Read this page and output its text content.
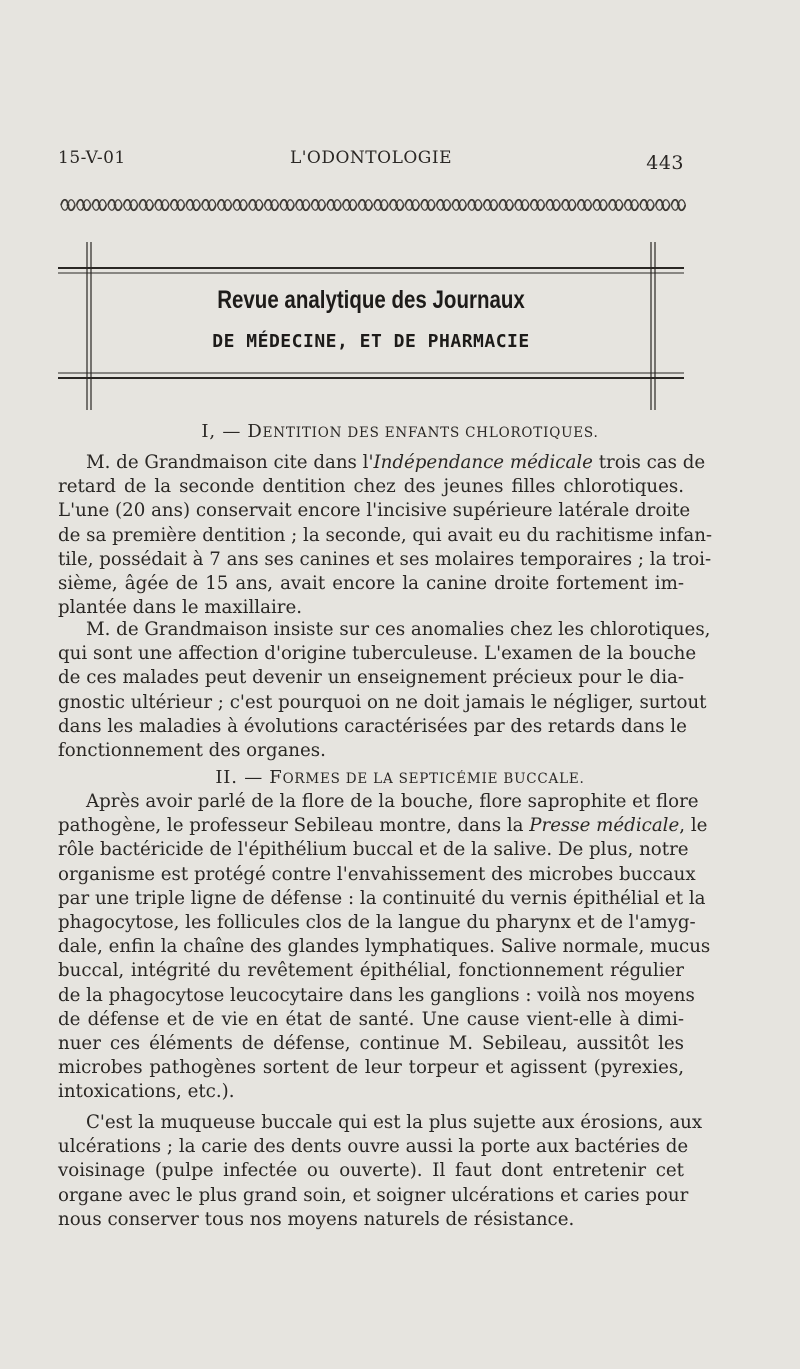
15-V-01	L'ODONTOLOGIE	443
Revue analytique des Journaux
DE MÉDECINE, ET DE PHARMACIE
I, — DENTITION DES ENFANTS CHLOROTIQUES.
M. de Grandmaison cite dans l'Indépendance médicale trois cas de
retard de la seconde dentition chez des jeunes filles chlorotiques.
L'une (20 ans) conservait encore l'incisive supérieure latérale droite
de sa première dentition ; la seconde, qui avait eu du rachitisme infan-
tile, possédait à 7 ans ses canines et ses molaires temporaires ; la troi-
sième, âgée de 15 ans, avait encore la canine droite fortement im-
plantée dans le maxillaire.
M. de Grandmaison insiste sur ces anomalies chez les chlorotiques,
qui sont une affection d'origine tuberculeuse. L'examen de la bouche
de ces malades peut devenir un enseignement précieux pour le dia-
gnostic ultérieur ; c'est pourquoi on ne doit jamais le négliger, surtout
dans les maladies à évolutions caractérisées par des retards dans le
fonctionnement des organes.
II. — FORMES DE LA SEPTICÉMIE BUCCALE.
Après avoir parlé de la flore de la bouche, flore saprophite et flore
pathogène, le professeur Sebileau montre, dans la Presse médicale, le
rôle bactéricide de l'épithélium buccal et de la salive. De plus, notre
organisme est protégé contre l'envahissement des microbes buccaux
par une triple ligne de défense : la continuité du vernis épithélial et la
phagocytose, les follicules clos de la langue du pharynx et de l'amyg-
dale, enfin la chaîne des glandes lymphatiques. Salive normale, mucus
buccal, intégrité du revêtement épithélial, fonctionnement régulier
de la phagocytose leucocytaire dans les ganglions : voilà nos moyens
de défense et de vie en état de santé. Une cause vient-elle à dimi-
nuer ces éléments de défense, continue M. Sebileau, aussitôt les
microbes pathogènes sortent de leur torpeur et agissent (pyrexies,
intoxications, etc.).
C'est la muqueuse buccale qui est la plus sujette aux érosions, aux
ulcérations ; la carie des dents ouvre aussi la porte aux bactéries de
voisinage (pulpe infectée ou ouverte). Il faut dont entretenir cet
organe avec le plus grand soin, et soigner ulcérations et caries pour
nous conserver tous nos moyens naturels de résistance.
